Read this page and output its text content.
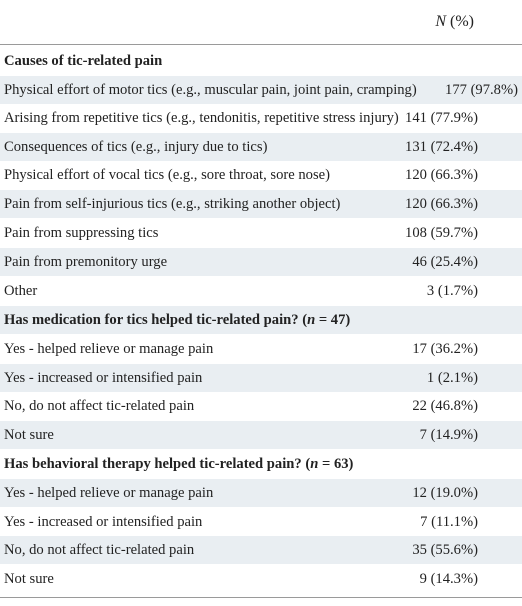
N (%)
Causes of tic-related pain
Physical effort of motor tics (e.g., muscular pain, joint pain, cramping) 177 (97.8%)
Arising from repetitive tics (e.g., tendonitis, repetitive stress injury) 141 (77.9%)
Consequences of tics (e.g., injury due to tics)	131 (72.4%)
Physical effort of vocal tics (e.g., sore throat, sore nose)	120 (66.3%)
Pain from self-injurious tics (e.g., striking another object)	120 (66.3%)
Pain from suppressing tics	108 (59.7%)
Pain from premonitory urge	46 (25.4%)
Other	3 (1.7%)
Has medication for tics helped tic-related pain? (n = 47)
Yes - helped relieve or manage pain	17 (36.2%)
Yes - increased or intensified pain	1 (2.1%)
No, do not affect tic-related pain	22 (46.8%)
Not sure	7 (14.9%)
Has behavioral therapy helped tic-related pain? (n = 63)
Yes - helped relieve or manage pain	12 (19.0%)
Yes - increased or intensified pain	7 (11.1%)
No, do not affect tic-related pain	35 (55.6%)
Not sure	9 (14.3%)
